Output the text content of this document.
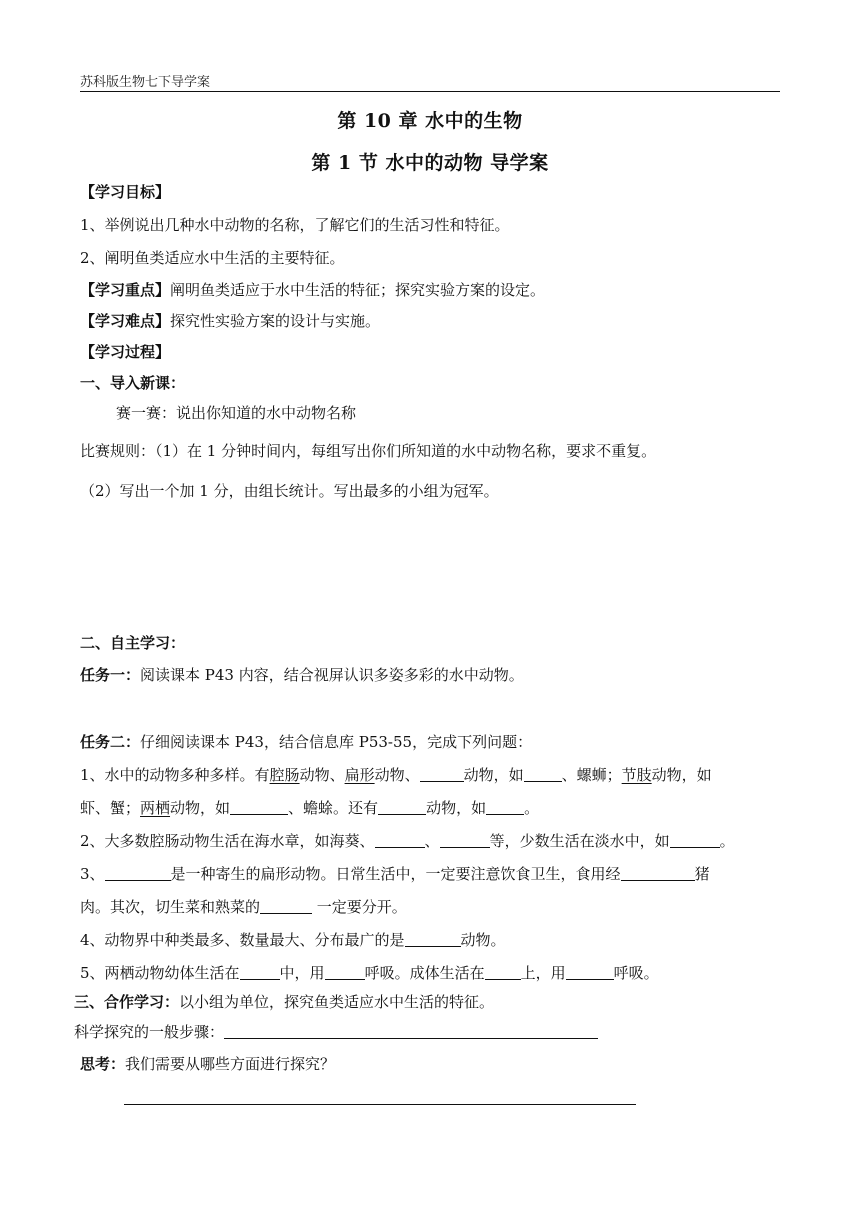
苏科版生物七下导学案
第 10 章 水中的生物
第 1 节 水中的动物 导学案
【学习目标】
1、举例说出几种水中动物的名称，了解它们的生活习性和特征。
2、阐明鱼类适应水中生活的主要特征。
【学习重点】阐明鱼类适应于水中生活的特征；探究实验方案的设定。
【学习难点】探究性实验方案的设计与实施。
【学习过程】
一、导入新课：
赛一赛：说出你知道的水中动物名称
比赛规则：（1）在 1 分钟时间内，每组写出你们所知道的水中动物名称，要求不重复。
（2）写出一个加 1 分，由组长统计。写出最多的小组为冠军。
二、自主学习：
任务一：阅读课本 P43 内容，结合视屏认识多姿多彩的水中动物。
任务二：仔细阅读课本 P43，结合信息库 P53-55，完成下列问题：
1、水中的动物多种多样。有腔肠动物、扁形动物、	动物，如	、螺蛳；节肢动物，如
虾、蟹；两栖动物，如	、蟾蜍。还有	动物，如	。
2、大多数腔肠动物生活在海水章，如海葵、	、	等，少数生活在淡水中，如	。
3、	是一种寄生的扁形动物。日常生活中，一定要注意饮食卫生，食用经	猪
肉。其次，切生菜和熟菜的	一定要分开。
4、动物界中种类最多、数量最大、分布最广的是	动物。
5、两栖动物幼体生活在	中，用	呼吸。成体生活在 上，用	呼吸。
三、合作学习：以小组为单位，探究鱼类适应水中生活的特征。
科学探究的一般步骤：
思考：我们需要从哪些方面进行探究？
